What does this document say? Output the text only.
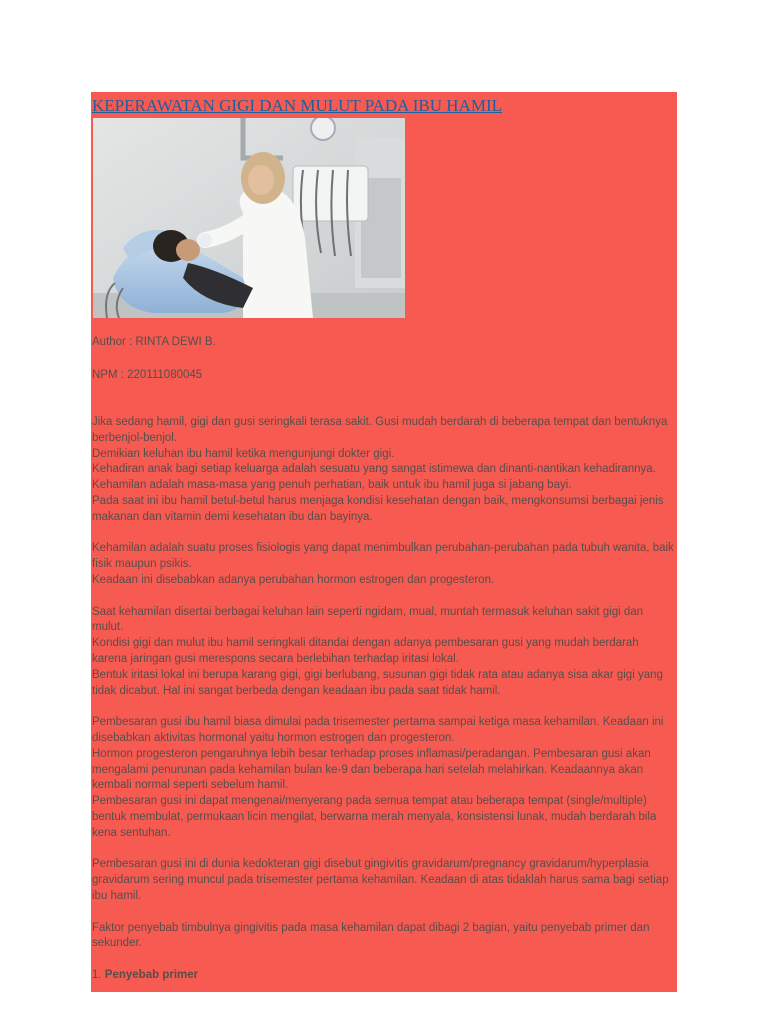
KEPERAWATAN GIGI DAN MULUT PADA IBU HAMIL
Author : RINTA DEWI B.
NPM : 220111080045

Jika sedang hamil, gigi dan gusi seringkali terasa sakit. Gusi mudah berdarah di beberapa tempat dan bentuknya berbenjol-benjol.
Demikian keluhan ibu hamil ketika mengunjungi dokter gigi.
Kehadiran anak bagi setiap keluarga adalah sesuatu yang sangat istimewa dan dinanti-nantikan kehadirannya.
Kehamilan adalah masa-masa yang penuh perhatian, baik untuk ibu hamil juga si jabang bayi.
Pada saat ini ibu hamil betul-betul harus menjaga kondisi kesehatan dengan baik, mengkonsumsi berbagai jenis makanan dan vitamin demi kesehatan ibu dan bayinya.

Kehamilan adalah suatu proses fisiologis yang dapat menimbulkan perubahan-perubahan pada tubuh wanita, baik fisik maupun psikis.
Keadaan ini disebabkan adanya perubahan hormon estrogen dan progesteron.

Saat kehamilan disertai berbagai keluhan lain seperti ngidam, mual, muntah termasuk keluhan sakit gigi dan mulut.
Kondisi gigi dan mulut ibu hamil seringkali ditandai dengan adanya pembesaran gusi yang mudah berdarah karena jaringan gusi merespons secara berlebihan terhadap iritasi lokal.
Bentuk iritasi lokal ini berupa karang gigi, gigi berlubang, susunan gigi tidak rata atau adanya sisa akar gigi yang tidak dicabut. Hal ini sangat berbeda dengan keadaan ibu pada saat tidak hamil.

Pembesaran gusi ibu hamil biasa dimulai pada trisemester pertama sampai ketiga masa kehamilan. Keadaan ini disebabkan aktivitas hormonal yaitu hormon estrogen dan progesteron.
Hormon progesteron pengaruhnya lebih besar terhadap proses inflamasi/peradangan. Pembesaran gusi akan mengalami penurunan pada kehamilan bulan ke-9 dan beberapa hari setelah melahirkan. Keadaannya akan kembali normal seperti sebelum hamil.
Pembesaran gusi ini dapat mengenai/menyerang pada semua tempat atau beberapa tempat (single/multiple) bentuk membulat, permukaan licin mengilat, berwarna merah menyala, konsistensi lunak, mudah berdarah bila kena sentuhan.

Pembesaran gusi ini di dunia kedokteran gigi disebut gingivitis gravidarum/pregnancy gravidarum/hyperplasia gravidarum sering muncul pada trisemester pertama kehamilan. Keadaan di atas tidaklah harus sama bagi setiap ibu hamil.

Faktor penyebab timbulnya gingivitis pada masa kehamilan dapat dibagi 2 bagian, yaitu penyebab primer dan sekunder.

1. Penyebab primer
